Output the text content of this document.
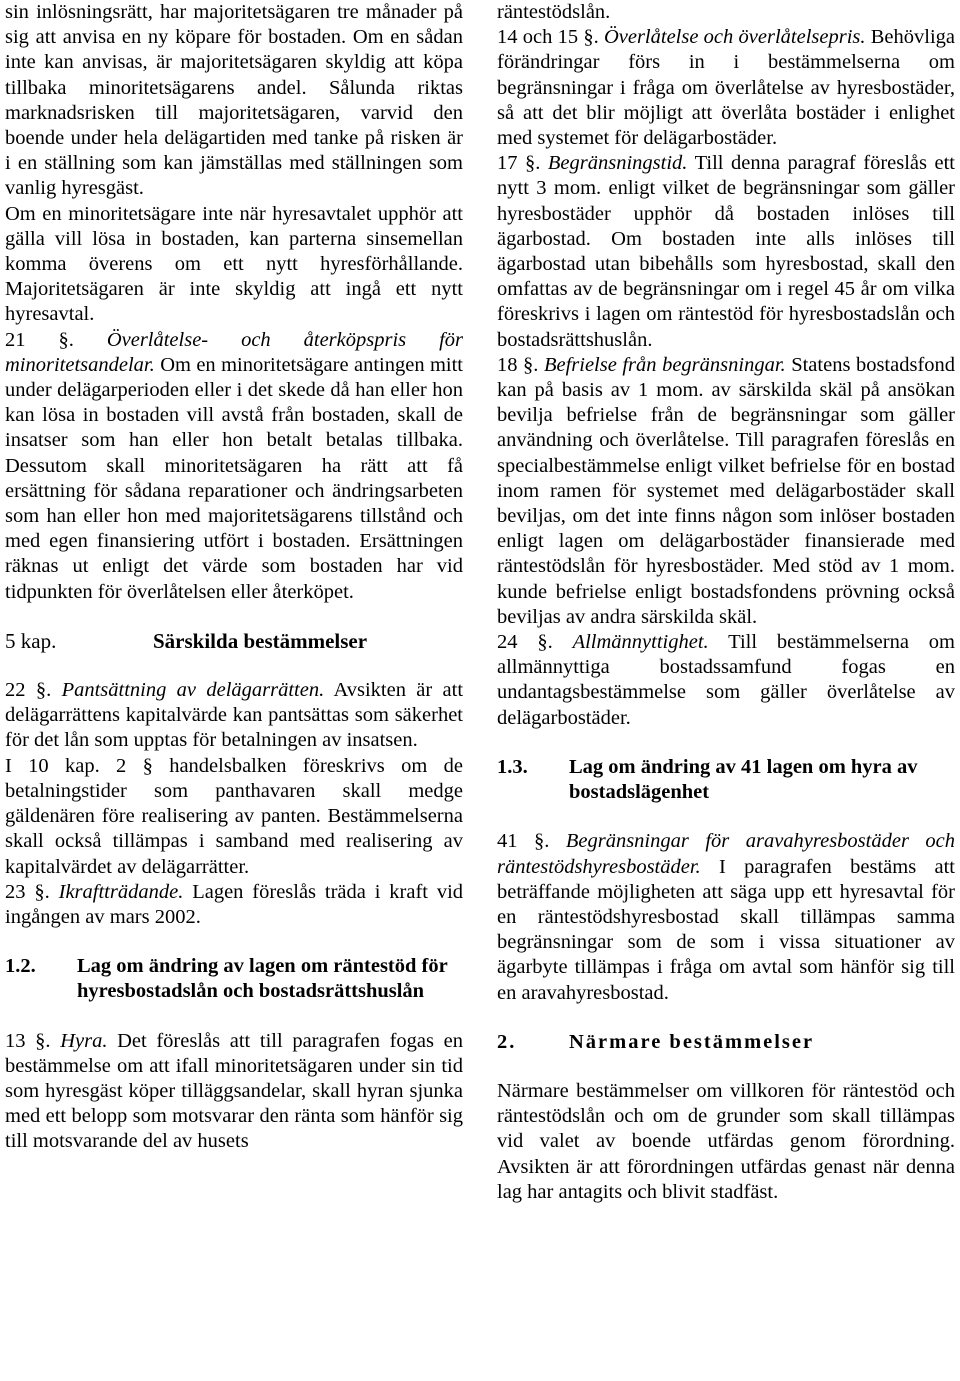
sin inlösningsrätt, har majoritetsägaren tre månader på sig att anvisa en ny köpare för bostaden. Om en sådan inte kan anvisas, är majoritetsägaren skyldig att köpa tillbaka minoritetsägarens andel. Sålunda riktas marknadsrisken till majoritetsägaren, varvid den boende under hela delägartiden med tanke på risken är i en ställning som kan jämställas med ställningen som vanlig hyresgäst.

Om en minoritetsägare inte när hyresavtalet upphör att gälla vill lösa in bostaden, kan parterna sinsemellan komma överens om ett nytt hyresförhållande. Majoritetsägaren är inte skyldig att ingå ett nytt hyresavtal.

21 §. Överlåtelse- och återköpspris för minoritetsandelar. Om en minoritetsägare antingen mitt under delägarperioden eller i det skede då han eller hon kan lösa in bostaden vill avstå från bostaden, skall de insatser som han eller hon betalt betalas tillbaka. Dessutom skall minoritetsägaren ha rätt att få ersättning för sådana reparationer och ändringsarbeten som han eller hon med majoritetsägarens tillstånd och med egen finansiering utfört i bostaden. Ersättningen räknas ut enligt det värde som bostaden har vid tidpunkten för överlåtelsen eller återköpet.

5 kap.	Särskilda bestämmelser

22 §. Pantsättning av delägarrätten. Avsikten är att delägarrättens kapitalvärde kan pantsättas som säkerhet för det lån som upptas för betalningen av insatsen.

I 10 kap. 2 § handelsbalken föreskrivs om de betalningstider som panthavaren skall medge gäldenären före realisering av panten. Bestämmelserna skall också tillämpas i samband med realisering av kapitalvärdet av delägarrätter.

23 §. Ikraftträdande. Lagen föreslås träda i kraft vid ingången av mars 2002.

1.2.	Lag om ändring av lagen om räntestöd för hyresbostadslån och bostadsrättshuslån

13 §. Hyra. Det föreslås att till paragrafen fogas en bestämmelse om att ifall minoritetsägaren under sin tid som hyresgäst köper tilläggsandelar, skall hyran sjunka med ett belopp som motsvarar den ränta som hänför sig till motsvarande del av husets

räntestödslån.

14 och 15 §. Överlåtelse och överlåtelsepris. Behövliga förändringar förs in i bestämmelserna om begränsningar i fråga om överlåtelse av hyresbostäder, så att det blir möjligt att överlåta bostäder i enlighet med systemet för delägarbostäder.

17 §. Begränsningstid. Till denna paragraf föreslås ett nytt 3 mom. enligt vilket de begränsningar som gäller hyresbostäder upphör då bostaden inlöses till ägarbostad. Om bostaden inte alls inlöses till ägarbostad utan bibehålls som hyresbostad, skall den omfattas av de begränsningar om i regel 45 år om vilka föreskrivs i lagen om räntestöd för hyresbostadslån och bostadsrättshuslån.

18 §. Befrielse från begränsningar. Statens bostadsfond kan på basis av 1 mom. av särskilda skäl på ansökan bevilja befrielse från de begränsningar som gäller användning och överlåtelse. Till paragrafen föreslås en specialbestämmelse enligt vilket befrielse för en bostad inom ramen för systemet med delägarbostäder skall beviljas, om det inte finns någon som inlöser bostaden enligt lagen om delägarbostäder finansierade med räntestödslån för hyresbostäder. Med stöd av 1 mom. kunde befrielse enligt bostadsfondens prövning också beviljas av andra särskilda skäl.

24 §. Allmännyttighet. Till bestämmelserna om allmännyttiga bostadssamfund fogas en undantagsbestämmelse som gäller överlåtelse av delägarbostäder.

1.3.	Lag om ändring av 41 lagen om hyra av bostadslägenhet

41 §. Begränsningar för aravahyresbostäder och räntestödshyresbostäder. I paragrafen bestäms att beträffande möjligheten att säga upp ett hyresavtal för en räntestödshyresbostad skall tillämpas samma begränsningar som de som i vissa situationer av ägarbyte tillämpas i fråga om avtal som hänför sig till en aravahyresbostad.

2.	Närmare bestämmelser

Närmare bestämmelser om villkoren för räntestöd och räntestödslån och om de grunder som skall tillämpas vid valet av boende utfärdas genom förordning. Avsikten är att förordningen utfärdas genast när denna lag har antagits och blivit stadfäst.
